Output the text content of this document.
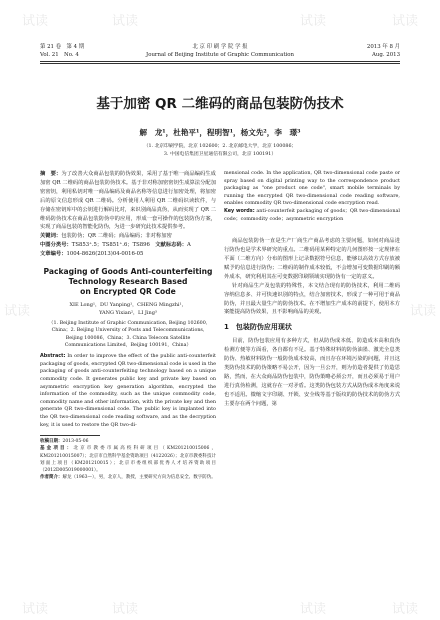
试读	试读	试读	试读
试读	试读
试读	试读	试读	试读
第 21 卷　第 4 期	北 京 印 刷 学 院 学 报	2013 年 8 月
Vol. 21　No. 4	Journal of Beijing Institute of Graphic Communication	Aug. 2013
基于加密 QR 二维码的商品包装防伪技术
解　龙¹，杜艳平¹，程明智¹，杨文先²，李　璟³
（1. 北京印刷学院，北京 102600；2. 北京邮电大学，北京 100086；
3. 中国电信集团卫星通信有限公司，北京 100191）

摘　要：为了改善大众商品包装的防伪效果，采用了基于唯一商品编码生成加密 QR 二维码的商品包装防伪技术。基于非对称加密密钥生成算法分配加密密钥，利用私钥对唯一商品编码及商品名称等信息进行加密处理，将加密后的原文信息形成 QR 二维码。分析使用人利用 QR 二维码识读软件，与存储在密钥库中的公钥进行解码比对，来识别商品真伪，从而实现了 QR 二维码防伪技术在商品包装防伪中的应用，形成一套可操作的包装防伪方案，实现了商品包装的智能化防伪，为进一步研究此技术提供参考。

关键词：包装防伪；QR 二维码；商品编码；非对称加密

中图分类号：TS853⁺.5；TS851⁺.6；TS896　 文献标志码：A

文章编号：1004-8626(2013)04-0016-05

Packaging of Goods Anti-counterfeiting
Technology Research Based
on Encrypted QR Code
XIE Long¹，DU Yanping¹，CHENG Mingzhi¹，
YANG Yixian²，LI Jing³
（1. Beijing Institute of Graphic Communication, Beijing 102600,
China；2. Beijing University of Posts and Telecommunications,
Beijing 100086，China；3. China Telecom Satellite
Communications Limited，Beijing 100191，China）

Abstract: In order to improve the effect of the public anti-counterfeit packaging of goods, encrypted QR two-dimensional code is used in the packaging of goods anti-counterfeiting technology based on a unique commodity code. It generates public key and private key based on asymmetric encryption key generation algorithm, encrypted the information of the commodity, such as the unique commodity code, commodity name and other information, with the private key and then generate QR two-dimensional code. The public key is implanted into the QR two-dimensional code reading software, and as the decryption key, it is used to restore the QR two-di-

收稿日期：2013-05-06

基金项目：北京市教委市属高校科研项目（KM201210015006，KM201210015007）；北京市自然科学基金资助项目（4122026）；北京市教委科技计划面上项目（KM201210015）；北京市委组织部优秀人才培养资助项目（2012D005019000001）。

作者简介：解龙（1963—），男，北京人，教授，主要研究方向为信息安全、数字防伪。

mensional code. In the application, QR two-dimensional code paste or spray based on digital printing way to the correspondence product packaging as "one product one code", smart mobile terminals by running the encrypted QR two-dimensional code reading software, enables commodity QR two-dimensional code encryption read.

Key words: anti-counterfeit packaging of goods；QR two-dimensional code；commodity code；asymmetric encryption

商品包装防伪一直是生产厂商生产商品考虑的主要问题，如何对商品进行防伪也是学术界研究的重点。二维码用某种特定的几何图形按一定规律在平面（二维方向）分布的图形上记录数据符号信息，能够以高效方式存放被赋予的信息进行防伪；二维码的制作成本较低，不会增加可变数据印刷的额外成本，研究利用其在可变数据印刷领域实现防伪有一定的意义。

针对商品生产及包装的特殊性，本文结合现有的防伪技术，利用二维码容纳信息多、并可快速识别的特点，结合加密技术，形成了一种可用于商品防伪，并且最大量生产的防伪技术。在不增加生产成本的前提下，使用本方案能提高防伪效果，且不影响商品的美观。

1　包装防伪应用现状

目前，防伪包装应用有多种方式，但从防伪成本低、防造成本高和真伪检测方便等方面看，各自都有不足。基于特殊材料的防伪油墨、激光全息类防伪、热敏材料防伪一般防伪成本较高，而且存在环境污染的问题，并且这类防伪技术的防伪策略不易公开，因为一旦公开，则为仿造者提供了仿造思路，然而，在大众商品防伪包装中，防伪策略必须公开，而且必须易于用户进行真伪检测，这就存在一对矛盾。这类防伪包装方式从防伪成本角度来说也不适用。微缩文字印刷、开锁、安全线等基于版纹的防伪技术的防伪方式主要存在两个问题，第
